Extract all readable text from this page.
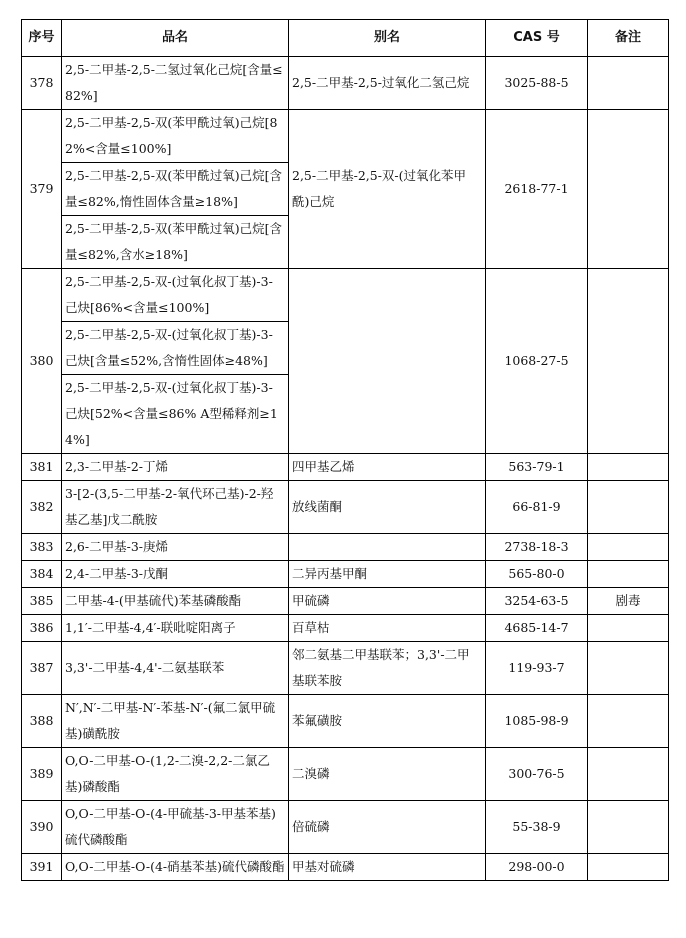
序号	品名	别名	CAS 号	备注
378	2,5-二甲基-2,5-二氢过氧化己烷[含量≤82%]	2,5-二甲基-2,5-过氧化二氢己烷	3025-88-5	
379	2,5-二甲基-2,5-双(苯甲酰过氧)己烷[82%<含量≤100%]	2,5-二甲基-2,5-双-(过氧化苯甲酰)己烷	2618-77-1	
	2,5-二甲基-2,5-双(苯甲酰过氧)己烷[含量≤82%,惰性固体含量≥18%]			
	2,5-二甲基-2,5-双(苯甲酰过氧)己烷[含量≤82%,含水≥18%]			
380	2,5-二甲基-2,5-双-(过氧化叔丁基)-3-己炔[86%<含量≤100%]		1068-27-5	
	2,5-二甲基-2,5-双-(过氧化叔丁基)-3-己炔[含量≤52%,含惰性固体≥48%]			
	2,5-二甲基-2,5-双-(过氧化叔丁基)-3-己炔[52%<含量≤86% A型稀释剂≥14%]			
381	2,3-二甲基-2-丁烯	四甲基乙烯	563-79-1	
382	3-[2-(3,5-二甲基-2-氧代环己基)-2-羟基乙基]戊二酰胺	放线菌酮	66-81-9	
383	2,6-二甲基-3-庚烯		2738-18-3	
384	2,4-二甲基-3-戊酮	二异丙基甲酮	565-80-0	
385	二甲基-4-(甲基硫代)苯基磷酸酯	甲硫磷	3254-63-5	剧毒
386	1,1′-二甲基-4,4′-联吡啶阳离子	百草枯	4685-14-7	
387	3,3'-二甲基-4,4'-二氨基联苯	邻二氨基二甲基联苯；3,3'-二甲基联苯胺	119-93-7	
388	N′,N′-二甲基-N′-苯基-N′-(氟二氯甲硫基)磺酰胺	苯氟磺胺	1085-98-9	
389	O,O-二甲基-O-(1,2-二溴-2,2-二氯乙基)磷酸酯	二溴磷	300-76-5	
390	O,O-二甲基-O-(4-甲硫基-3-甲基苯基)硫代磷酸酯	倍硫磷	55-38-9	
391	O,O-二甲基-O-(4-硝基苯基)硫代磷酸酯	甲基对硫磷	298-00-0	
